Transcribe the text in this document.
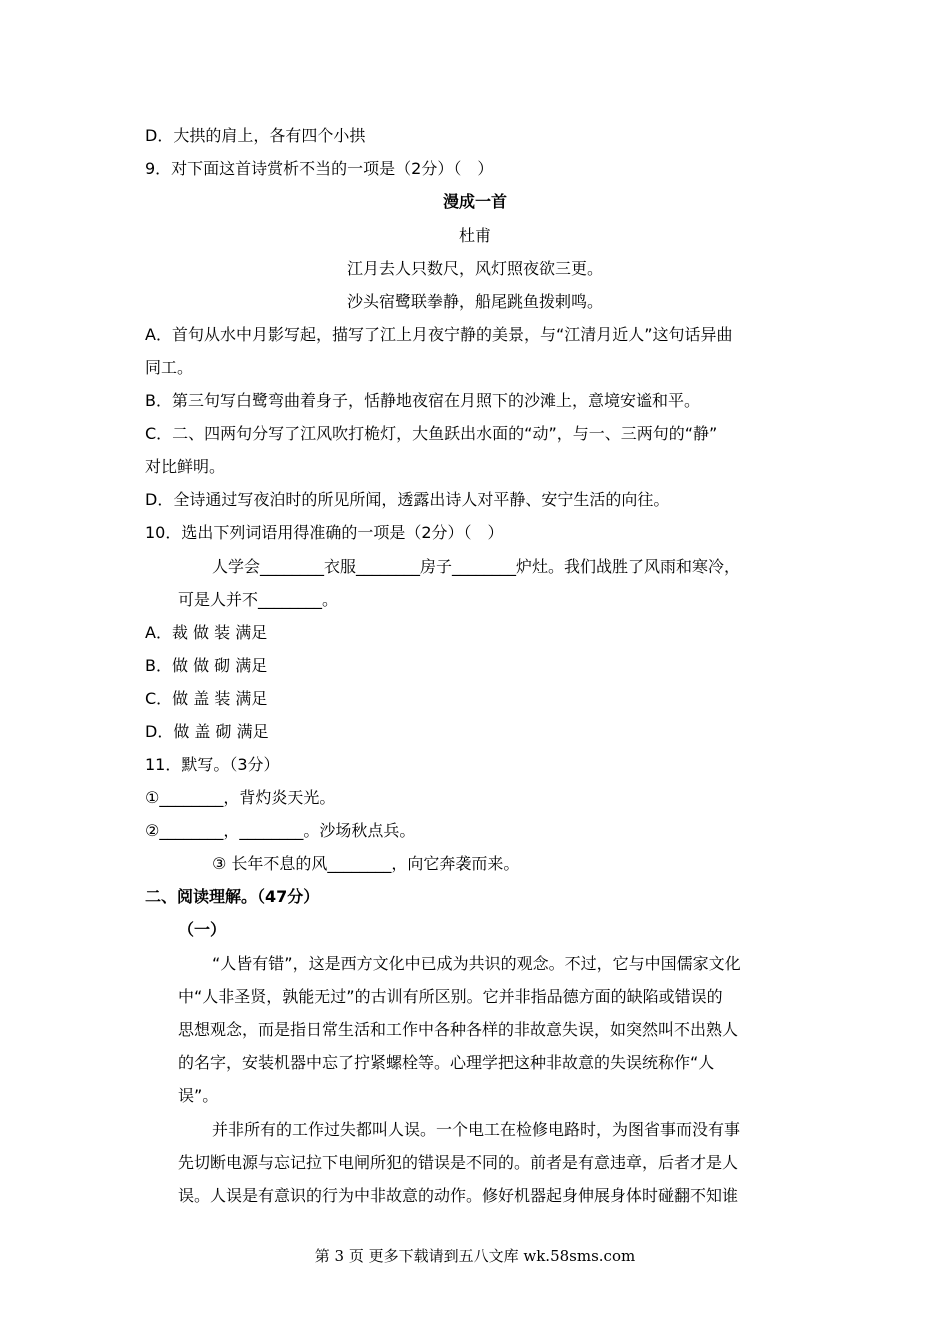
D．大拱的肩上，各有四个小拱
9．对下面这首诗赏析不当的一项是（2分）（　）
漫成一首
杜甫
江月去人只数尺，风灯照夜欲三更。
沙头宿鹭联拳静，船尾跳鱼拨剌鸣。
A．首句从水中月影写起，描写了江上月夜宁静的美景，与“江清月近人”这句话异曲
同工。
B．第三句写白鹭弯曲着身子，恬静地夜宿在月照下的沙滩上，意境安谧和平。
C．二、四两句分写了江风吹打桅灯，大鱼跃出水面的“动”，与一、三两句的“静”
对比鲜明。
D．全诗通过写夜泊时的所见所闻，透露出诗人对平静、安宁生活的向往。
10．选出下列词语用得准确的一项是（2分）（　）
人学会________衣服________房子________炉灶。我们战胜了风雨和寒冷，
可是人并不________。
A．裁 做 装 满足
B．做 做 砌 满足
C．做 盖 装 满足
D．做 盖 砌 满足
11．默写。（3分）
①________，背灼炎天光。
②________，________。沙场秋点兵。
③ 长年不息的风________，向它奔袭而来。
二、阅读理解。（47分）
（一）
“人皆有错”，这是西方文化中已成为共识的观念。不过，它与中国儒家文化
中“人非圣贤，孰能无过”的古训有所区别。它并非指品德方面的缺陷或错误的
思想观念，而是指日常生活和工作中各种各样的非故意失误，如突然叫不出熟人
的名字，安装机器中忘了拧紧螺栓等。心理学把这种非故意的失误统称作“人
误”。
并非所有的工作过失都叫人误。一个电工在检修电路时，为图省事而没有事
先切断电源与忘记拉下电闸所犯的错误是不同的。前者是有意违章，后者才是人
误。人误是有意识的行为中非故意的动作。修好机器起身伸展身体时碰翻不知谁
第 3 页 更多下载请到五八文库 wk.58sms.com
